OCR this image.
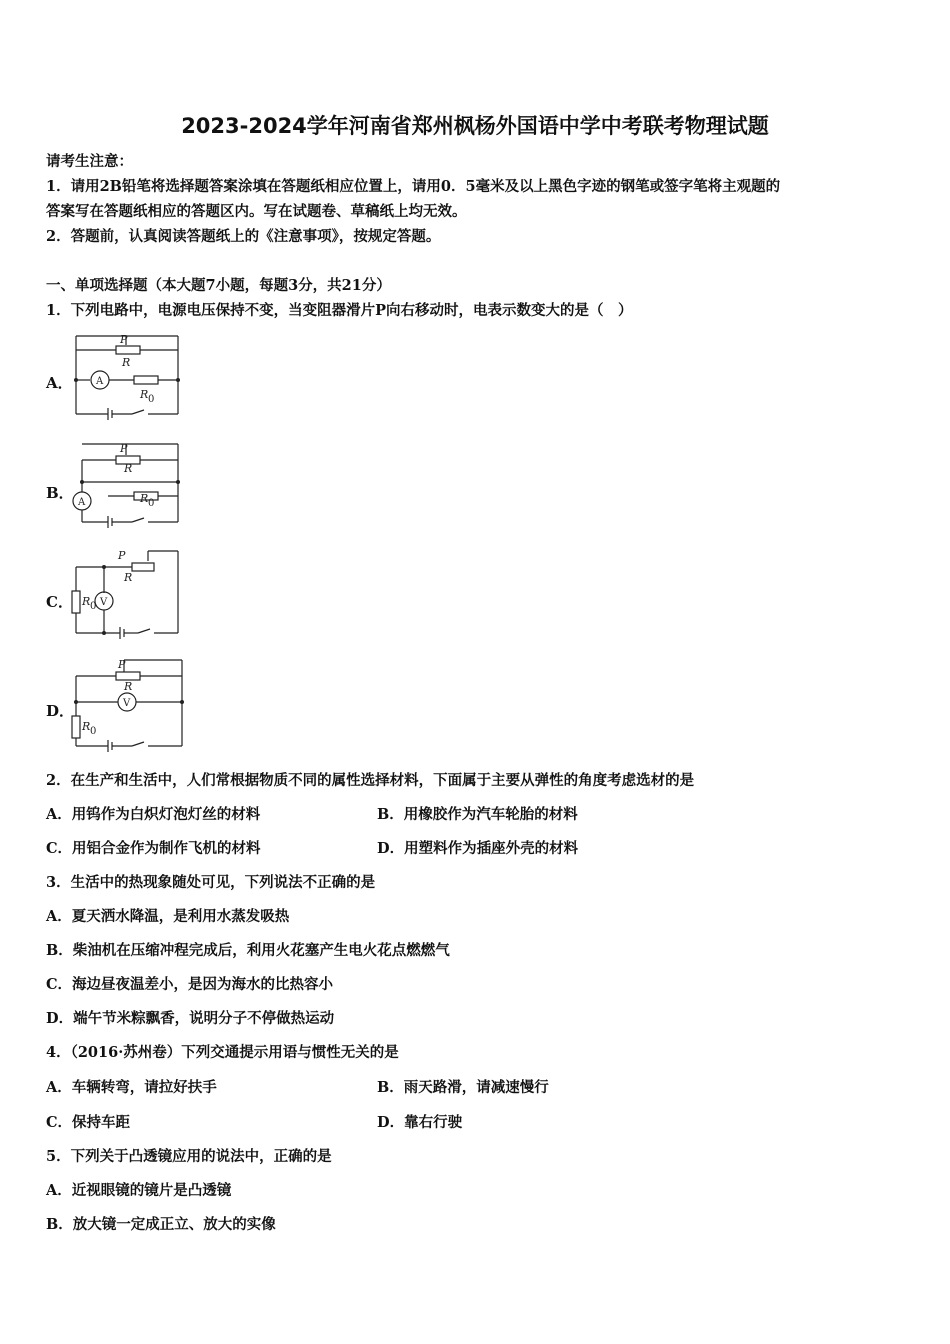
2023-2024学年河南省郑州枫杨外国语中学中考联考物理试题
请考生注意：
1．请用2B铅笔将选择题答案涂填在答题纸相应位置上，请用0．5毫米及以上黑色字迹的钢笔或签字笔将主观题的
答案写在答题纸相应的答题区内。写在试题卷、草稿纸上均无效。
2．答题前，认真阅读答题纸上的《注意事项》，按规定答题。
一、单项选择题（本大题7小题，每题3分，共21分）
1．下列电路中，电源电压保持不变，当变阻器滑片P向右移动时，电表示数变大的是（　）
A．
P
R
A
R 0
B．
P
R
A	R 0
C．
P
R
V
R 0
D．
P
R
V
R 0
2．在生产和生活中，人们常根据物质不同的属性选择材料，下面属于主要从弹性的角度考虑选材的是
A．用钨作为白炽灯泡灯丝的材料	B．用橡胶作为汽车轮胎的材料
C．用铝合金作为制作飞机的材料	D．用塑料作为插座外壳的材料
3．生活中的热现象随处可见，下列说法不正确的是
A．夏天洒水降温，是利用水蒸发吸热
B．柴油机在压缩冲程完成后，利用火花塞产生电火花点燃燃气
C．海边昼夜温差小，是因为海水的比热容小
D．端午节米粽飘香，说明分子不停做热运动
4．（2016·苏州卷）下列交通提示用语与惯性无关的是
A．车辆转弯，请拉好扶手	B．雨天路滑，请减速慢行
C．保持车距	D．靠右行驶
5．下列关于凸透镜应用的说法中，正确的是
A．近视眼镜的镜片是凸透镜
B．放大镜一定成正立、放大的实像
